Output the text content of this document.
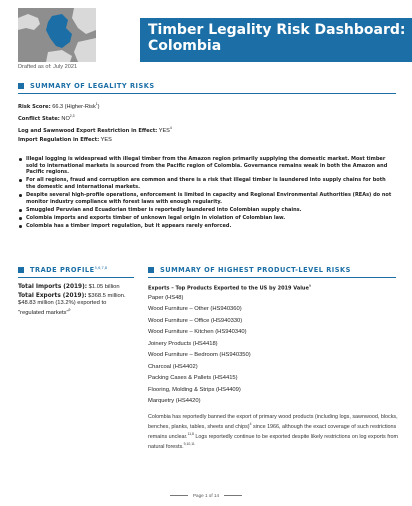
Timber Legality Risk Dashboard: Colombia
Drafted as of: July 2021
SUMMARY OF LEGALITY RISKS
Risk Score: 66.3 (Higher-Risk$^1$)
Conflict State: NO$^{2,3}$
Log and Sawnwood Export Restriction in Effect: YES$^4$
Import Regulation in Effect: YES
Illegal logging is widespread with illegal timber from the Amazon region primarily supplying the domestic market. Most timber sold to international markets is sourced from the Pacific region of Colombia. Governance remains weak in both the Amazon and Pacific regions.
For all regions, fraud and corruption are common and there is a risk that illegal timber is laundered into supply chains for both the domestic and international markets.
Despite several high-profile operations, enforcement is limited in capacity and Regional Environmental Authorities (REAs) do not monitor industry compliance with forest laws with enough regularity.
Smuggled Peruvian and Ecuadorian timber is reportedly laundered into Colombian supply chains.
Colombia imports and exports timber of unknown legal origin in violation of Colombian law.
Colombia has a timber import regulation, but it appears rarely enforced.
TRADE PROFILE$^{5,6,7,8}$

Total Imports (2019): $1.05 billion

Total Exports (2019): $368.5 million. $48.83 million (13.2%) exported to "regulated markets"$^9$

SUMMARY OF HIGHEST PRODUCT-LEVEL RISKS
Exports – Top Products Exported to the US by 2019 Value$^9$
Paper (HS48)
Wood Furniture – Other (HS940360)
Wood Furniture – Office (HS940330)
Wood Furniture – Kitchen (HS940340)
Joinery Products (HS4418)
Wood Furniture – Bedroom (HS940350)
Charcoal (HS4402)
Packing Cases & Pallets (HS4415)
Flooring, Molding & Strips (HS4409)
Marquetry (HS4420)

Colombia has reportedly banned the export of primary wood products (including logs, sawnwood, blocks, benches, planks, tables, sheets and chips)$^4$ since 1966, although the exact coverage of such restrictions remains unclear.$^{11,8}$ Logs reportedly continue to be exported despite likely restrictions on log exports from natural forests.$^{9,10,11}$

Page 1 of 14
